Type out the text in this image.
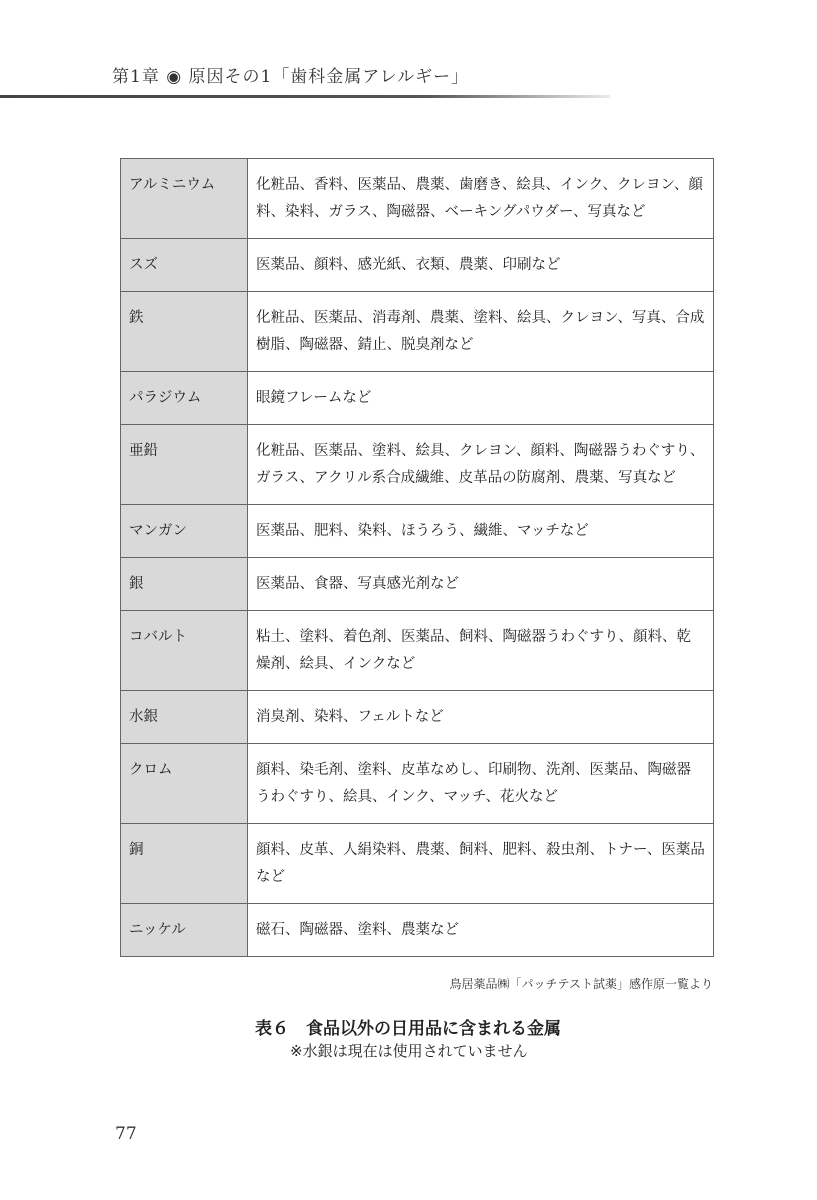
第1章 ◉ 原因その1「歯科金属アレルギー」
アルミニウム	化粧品、香料、医薬品、農薬、歯磨き、絵具、インク、クレヨン、顔料、染料、ガラス、陶磁器、ベーキングパウダー、写真など
スズ	医薬品、顔料、感光紙、衣類、農薬、印刷など
鉄	化粧品、医薬品、消毒剤、農薬、塗料、絵具、クレヨン、写真、合成樹脂、陶磁器、錆止、脱臭剤など
パラジウム	眼鏡フレームなど
亜鉛	化粧品、医薬品、塗料、絵具、クレヨン、顔料、陶磁器うわぐすり、ガラス、アクリル系合成繊維、皮革品の防腐剤、農薬、写真など
マンガン	医薬品、肥料、染料、ほうろう、繊維、マッチなど
銀	医薬品、食器、写真感光剤など
コバルト	粘土、塗料、着色剤、医薬品、飼料、陶磁器うわぐすり、顔料、乾燥剤、絵具、インクなど
水銀	消臭剤、染料、フェルトなど
クロム	顔料、染毛剤、塗料、皮革なめし、印刷物、洗剤、医薬品、陶磁器うわぐすり、絵具、インク、マッチ、花火など
銅	顔料、皮革、人絹染料、農薬、飼料、肥料、殺虫剤、トナー、医薬品など
ニッケル	磁石、陶磁器、塗料、農薬など
鳥居薬品㈱「パッチテスト試薬」感作原一覧より
表６　食品以外の日用品に含まれる金属
※水銀は現在は使用されていません
77
